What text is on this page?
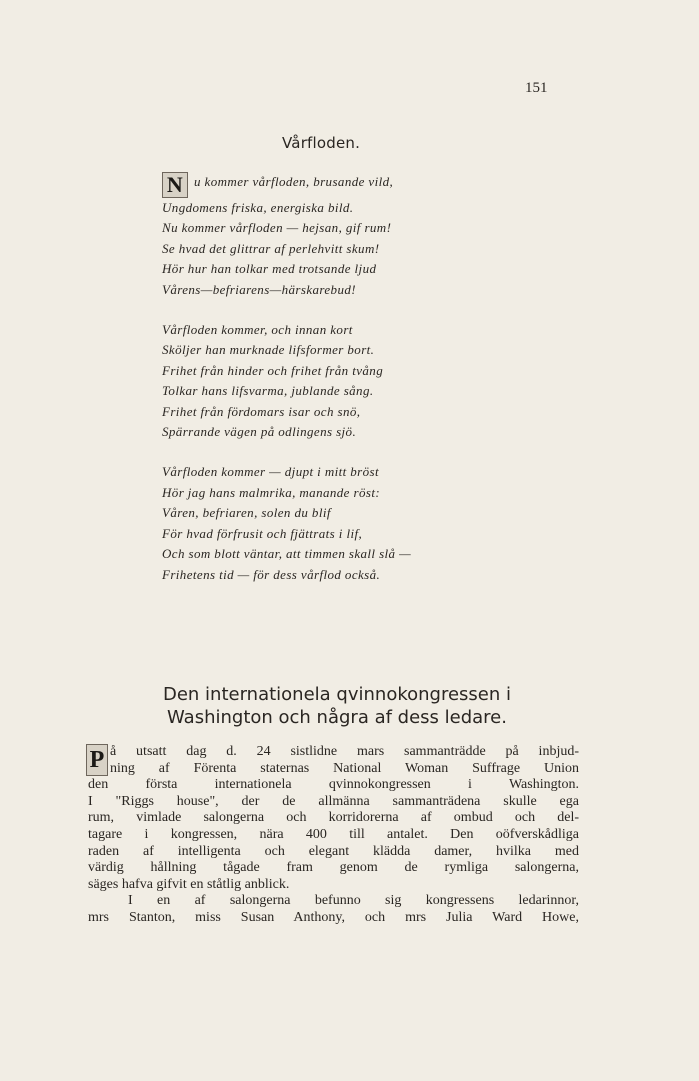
151
Vårfloden.
N u kommer vårfloden, brusande vild,
Ungdomens friska, energiska bild.
Nu kommer vårfloden — hejsan, gif rum!
Se hvad det glittrar af perlehvitt skum!
Hör hur han tolkar med trotsande ljud
Vårens—befriarens—härskarebud!
Vårfloden kommer, och innan kort
Sköljer han murknade lifsformer bort.
Frihet från hinder och frihet från tvång
Tolkar hans lifsvarma, jublande sång.
Frihet från fördomars isar och snö,
Spärrande vägen på odlingens sjö.
Vårfloden kommer — djupt i mitt bröst
Hör jag hans malmrika, manande röst:
Våren, befriaren, solen du blif
För hvad förfrusit och fjättrats i lif,
Och som blott väntar, att timmen skall slå —
Frihetens tid — för dess vårflod också.
Den internationela qvinnokongressen i
Washington och några af dess ledare.
P å utsatt dag d. 24 sistlidne mars sammanträdde på inbjud-
ning af Förenta staternas National Woman Suffrage Union
den första internationela qvinnokongressen i Washington.
I "Riggs house", der de allmänna sammanträdena skulle ega
rum, vimlade salongerna och korridorerna af ombud och del-
tagare i kongressen, nära 400 till antalet. Den oöfverskådliga
raden af intelligenta och elegant klädda damer, hvilka med
värdig hållning tågade fram genom de rymliga salongerna,
säges hafva gifvit en ståtlig anblick.
I en af salongerna befunno sig kongressens ledarinnor,
mrs Stanton, miss Susan Anthony, och mrs Julia Ward Howe,
